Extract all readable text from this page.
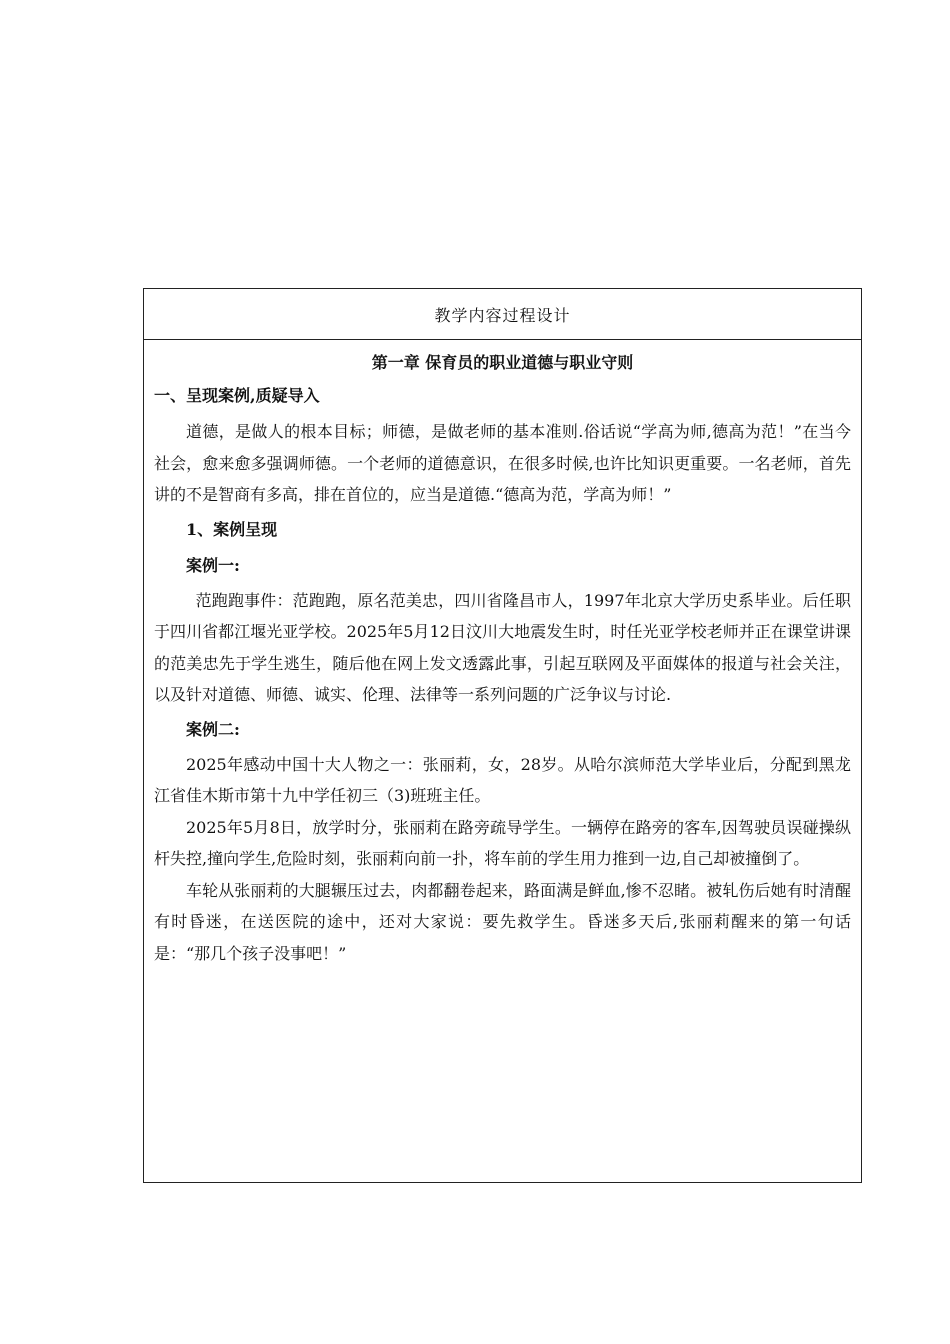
教学内容过程设计
第一章 保育员的职业道德与职业守则
一、呈现案例,质疑导入

道德，是做人的根本目标；师德，是做老师的基本准则.俗话说“学高为师,德高为范！”在当今社会，愈来愈多强调师德。一个老师的道德意识，在很多时候,也许比知识更重要。一名老师，首先讲的不是智商有多高，排在首位的，应当是道德.“德高为范，学高为师！”

1、案例呈现
案例一:

范跑跑事件：范跑跑，原名范美忠，四川省隆昌市人，1997年北京大学历史系毕业。后任职于四川省都江堰光亚学校。2025年5月12日汶川大地震发生时，时任光亚学校老师并正在课堂讲课的范美忠先于学生逃生，随后他在网上发文透露此事，引起互联网及平面媒体的报道与社会关注，以及针对道德、师德、诚实、伦理、法律等一系列问题的广泛争议与讨论.

案例二:

2025年感动中国十大人物之一：张丽莉，女，28岁。从哈尔滨师范大学毕业后，分配到黑龙江省佳木斯市第十九中学任初三（3)班班主任。

2025年5月8日，放学时分，张丽莉在路旁疏导学生。一辆停在路旁的客车,因驾驶员误碰操纵杆失控,撞向学生,危险时刻，张丽莉向前一扑，将车前的学生用力推到一边,自己却被撞倒了。

车轮从张丽莉的大腿辗压过去，肉都翻卷起来，路面满是鲜血,惨不忍睹。被轧伤后她有时清醒有时昏迷，在送医院的途中，还对大家说：要先救学生。昏迷多天后,张丽莉醒来的第一句话是：“那几个孩子没事吧！”
